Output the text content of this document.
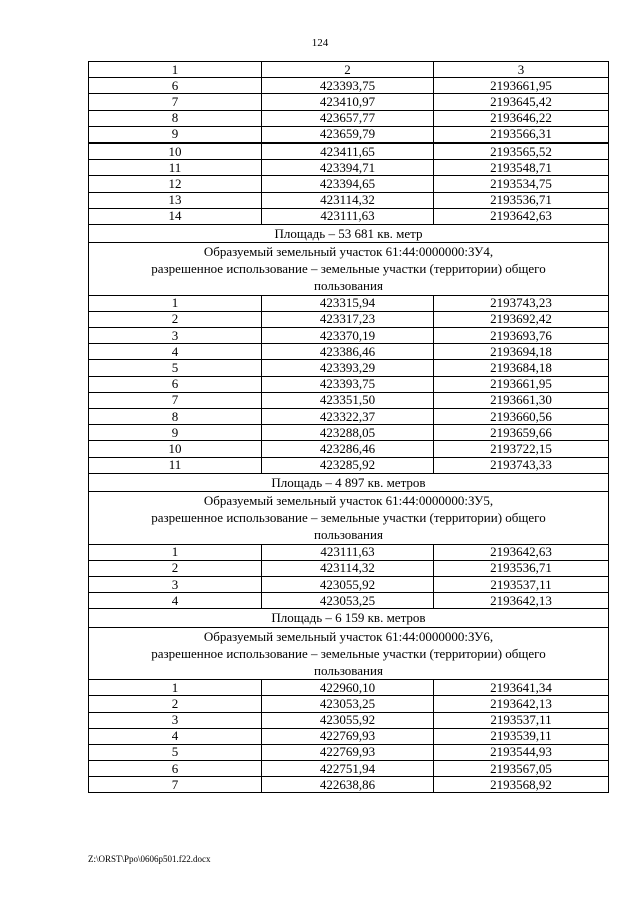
124
1	2	3
6	423393,75	2193661,95
7	423410,97	2193645,42
8	423657,77	2193646,22
9	423659,79	2193566,31
10	423411,65	2193565,52
11	423394,71	2193548,71
12	423394,65	2193534,75
13	423114,32	2193536,71
14	423111,63	2193642,63

Площадь – 53 681 кв. метр		

Образуемый земельный участок 61:44:0000000:ЗУ4,
разрешенное использование – земельные участки (территории) общего
пользования		

1	423315,94	2193743,23
2	423317,23	2193692,42
3	423370,19	2193693,76
4	423386,46	2193694,18
5	423393,29	2193684,18
6	423393,75	2193661,95
7	423351,50	2193661,30
8	423322,37	2193660,56
9	423288,05	2193659,66
10	423286,46	2193722,15
11	423285,92	2193743,33

Площадь – 4 897 кв. метров		

Образуемый земельный участок 61:44:0000000:ЗУ5,
разрешенное использование – земельные участки (территории) общего
пользования		

1	423111,63	2193642,63
2	423114,32	2193536,71
3	423055,92	2193537,11
4	423053,25	2193642,13

Площадь – 6 159 кв. метров		

Образуемый земельный участок 61:44:0000000:ЗУ6,
разрешенное использование – земельные участки (территории) общего
пользования		

1	422960,10	2193641,34
2	423053,25	2193642,13
3	423055,92	2193537,11
4	422769,93	2193539,11
5	422769,93	2193544,93
6	422751,94	2193567,05
7	422638,86	2193568,92
Z:\ORST\Ppo\0606p501.f22.docx
